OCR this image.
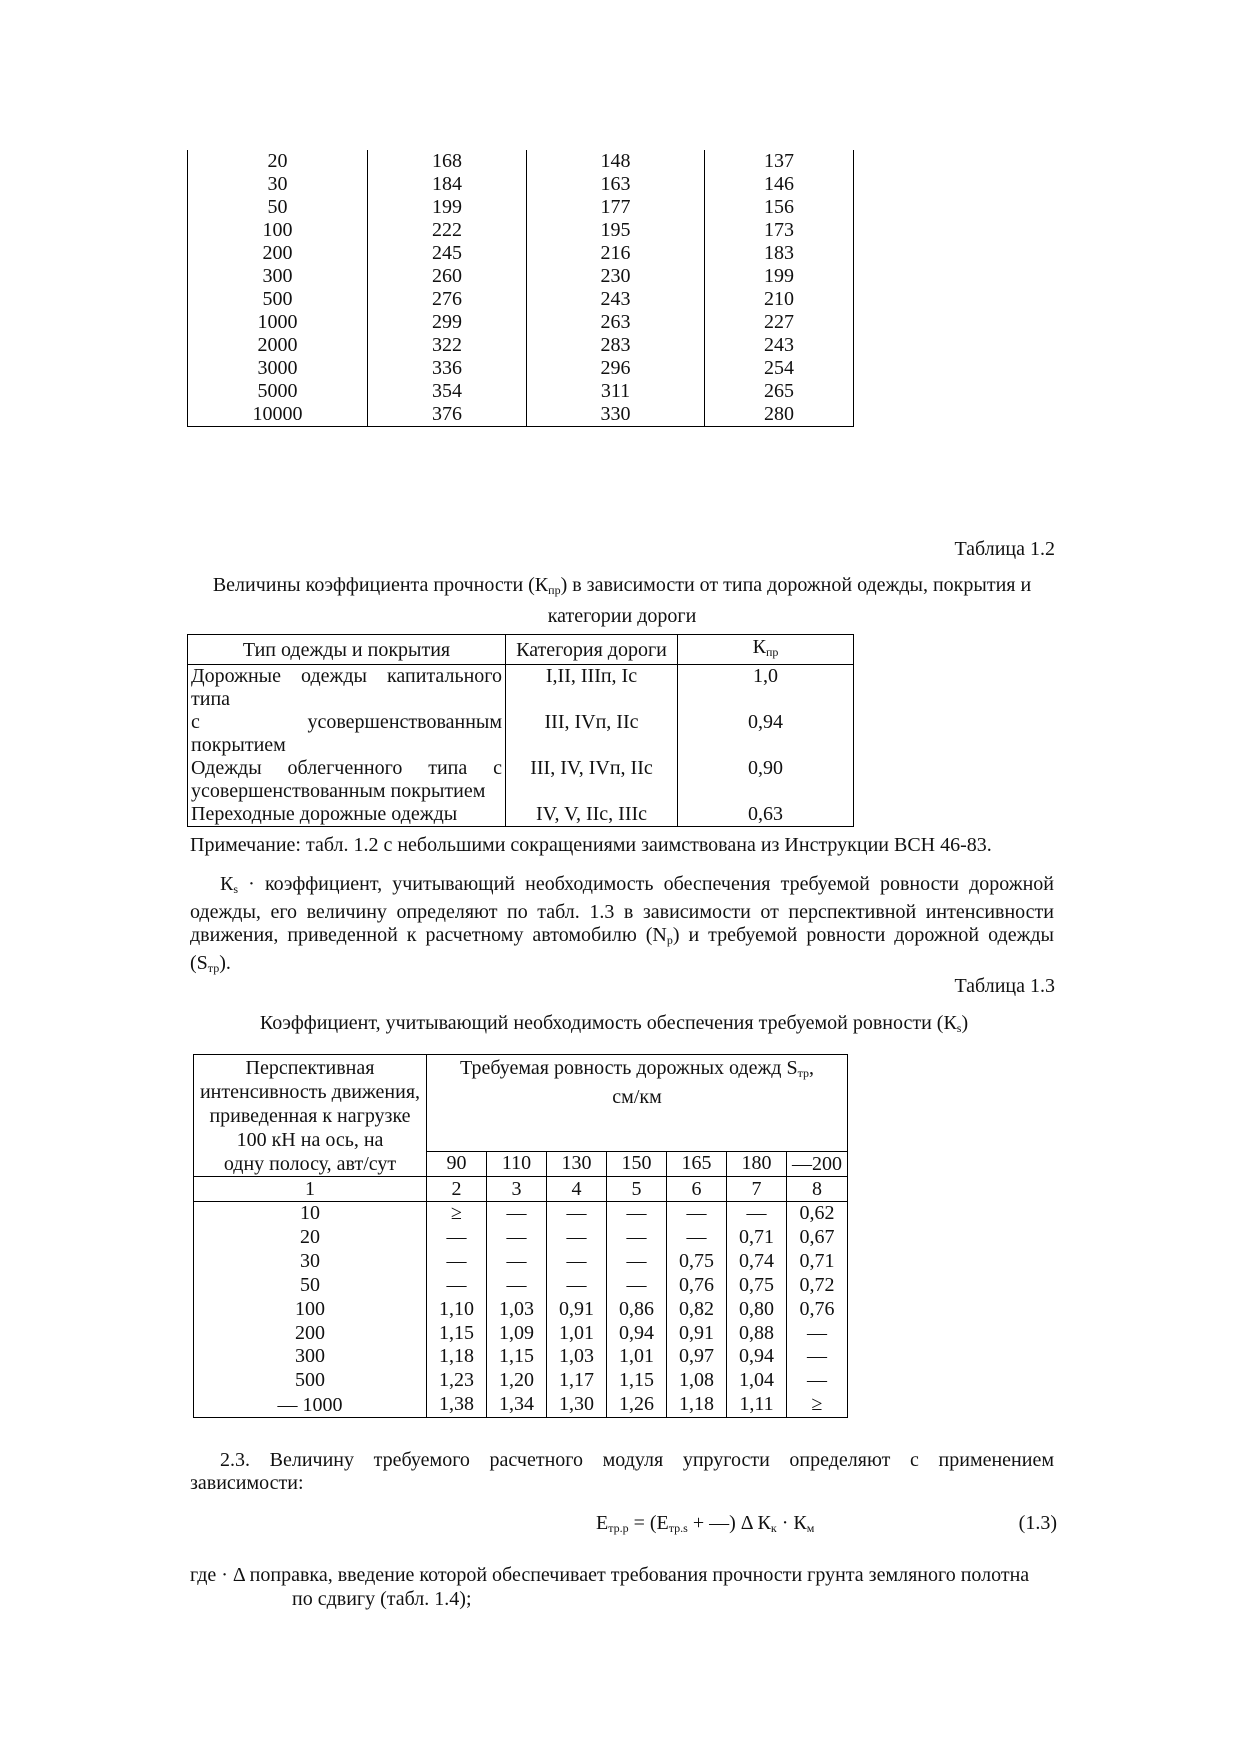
20	168	148	137
30	184	163	146
50	199	177	156
100	222	195	173
200	245	216	183
300	260	230	199
500	276	243	210
1000	299	263	227
2000	322	283	243
3000	336	296	254
5000	354	311	265
10000	376	330	280
Таблица 1.2
Величины коэффициента прочности $(К_{пр})$ в зависимости от типа дорожной одежды, покрытия и категории дороги
Тип одежды и покрытия	Категория дороги	$К_{пр}$

Дорожные одежды капитального
типа	I,II, IIIп, Ic	1,0

с усовершенствованным
покрытием	III, IVп, IIc	0,94

Одежды облегченного типа с
усовершенствованным покрытием	III, IV, IVп, IIc	0,90

Переходные дорожные одежды	IV, V, IIc, IIIc	0,63
Примечание: табл. 1.2 с небольшими сокращениями заимствована из Инструкции ВСН 46-83.
$К_s$ · коэффициент, учитывающий необходимость обеспечения требуемой ровности дорожной одежды, его величину определяют по табл. 1.3 в зависимости от перспективной интенсивности движения, приведенной к расчетному автомобилю $(N_р)$ и требуемой ровности дорожной одежды $(S_{тр})$.
Таблица 1.3
Коэффициент, учитывающий необходимость обеспечения требуемой ровности $(К_s)$
Перспективная
интенсивность движения,
приведенная к нагрузке
100 кН на ось, на
одну полосу, авт/сут	Требуемая ровность дорожных одежд $S_{тр}$,
см/км						
	90	110	130	150	165	180	—200
1	2	3	4	5	6	7	8
10	≥	—	—	—	—	—	0,62
20	—	—	—	—	—	0,71	0,67
30	—	—	—	—	0,75	0,74	0,71
50	—	—	—	—	0,76	0,75	0,72
100	1,10	1,03	0,91	0,86	0,82	0,80	0,76
200	1,15	1,09	1,01	0,94	0,91	0,88	—
300	1,18	1,15	1,03	1,01	0,97	0,94	—
500	1,23	1,20	1,17	1,15	1,08	1,04	—
— 1000	1,38	1,34	1,30	1,26	1,18	1,11	≥
2.3. Величину требуемого расчетного модуля упругости определяют с применением зависимости:
$Е_{тр.р} = (Е_{тр.s}$ + —) Δ $К_к \cdot К_м$	(1.3)
где · Δ поправка, введение которой обеспечивает требования прочности грунта земляного полотна
по сдвигу (табл. 1.4);
